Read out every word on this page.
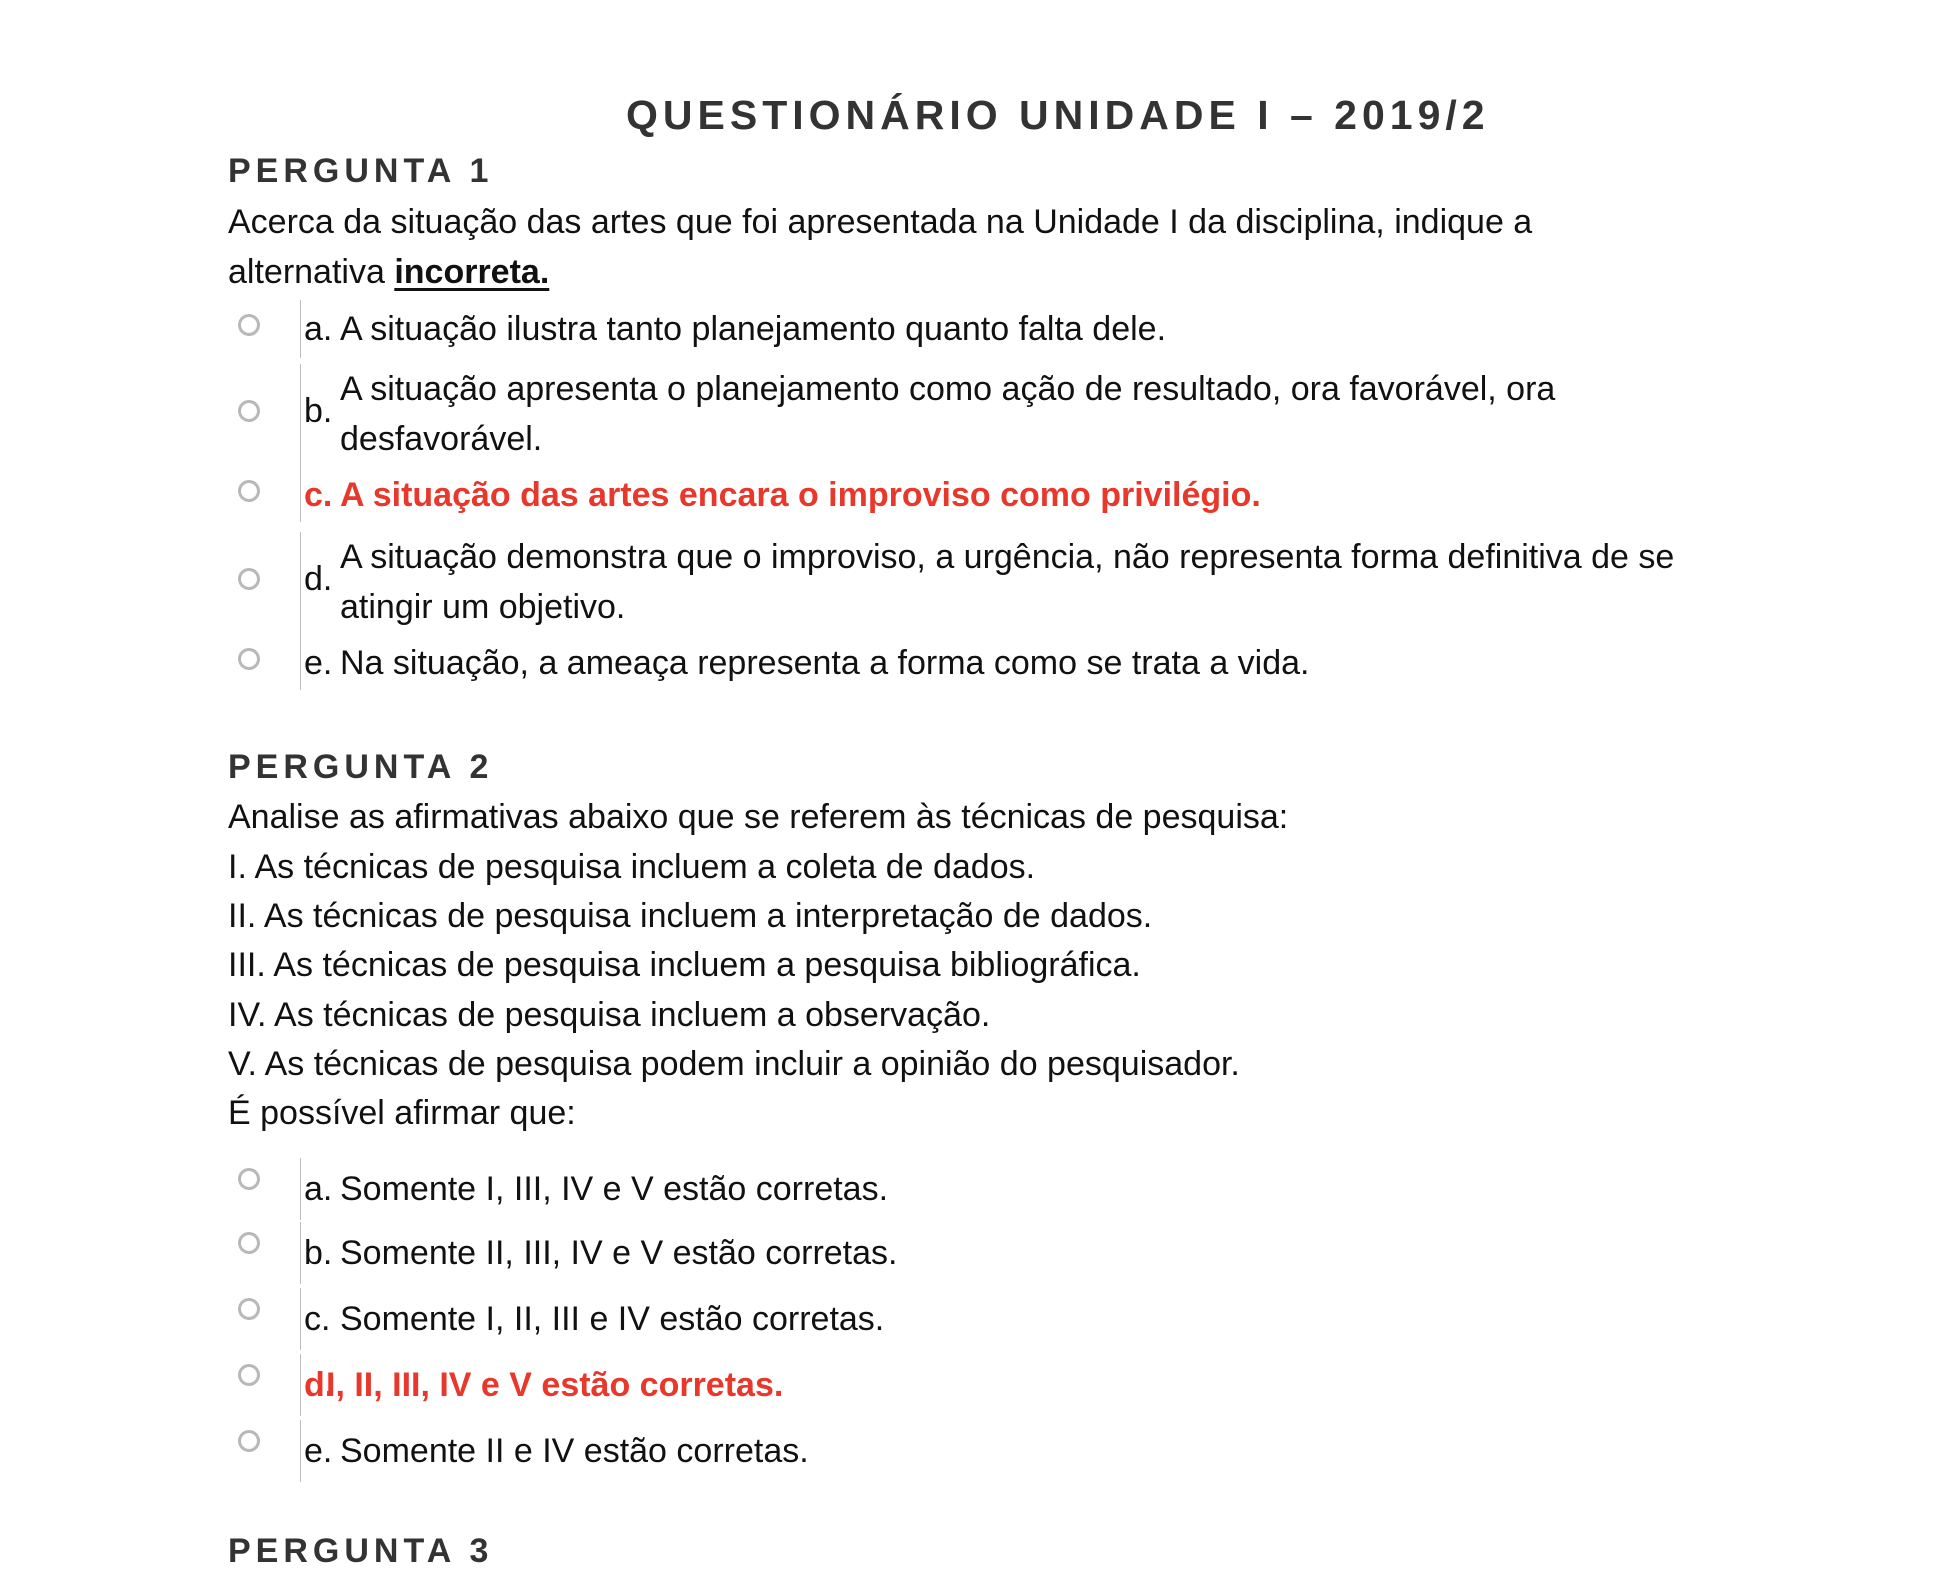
QUESTIONÁRIO UNIDADE I – 2019/2
PERGUNTA 1
Acerca da situação das artes que foi apresentada na Unidade I da disciplina, indique a
alternativa incorreta.
a. A situação ilustra tanto planejamento quanto falta dele.
b.
A situação apresenta o planejamento como ação de resultado, ora favorável, ora
desfavorável.
c. A situação das artes encara o improviso como privilégio.
d.
A situação demonstra que o improviso, a urgência, não representa forma definitiva de se
atingir um objetivo.
e. Na situação, a ameaça representa a forma como se trata a vida.
PERGUNTA 2
Analise as afirmativas abaixo que se referem às técnicas de pesquisa:
I. As técnicas de pesquisa incluem a coleta de dados.
II. As técnicas de pesquisa incluem a interpretação de dados.
III. As técnicas de pesquisa incluem a pesquisa bibliográfica.
IV. As técnicas de pesquisa incluem a observação.
V. As técnicas de pesquisa podem incluir a opinião do pesquisador.
É possível afirmar que:
a. Somente I, III, IV e V estão corretas.
b. Somente II, III, IV e V estão corretas.
c. Somente I, II, III e IV estão corretas.
d.
I, II, III, IV e V estão corretas.
e. Somente II e IV estão corretas.
PERGUNTA 3
